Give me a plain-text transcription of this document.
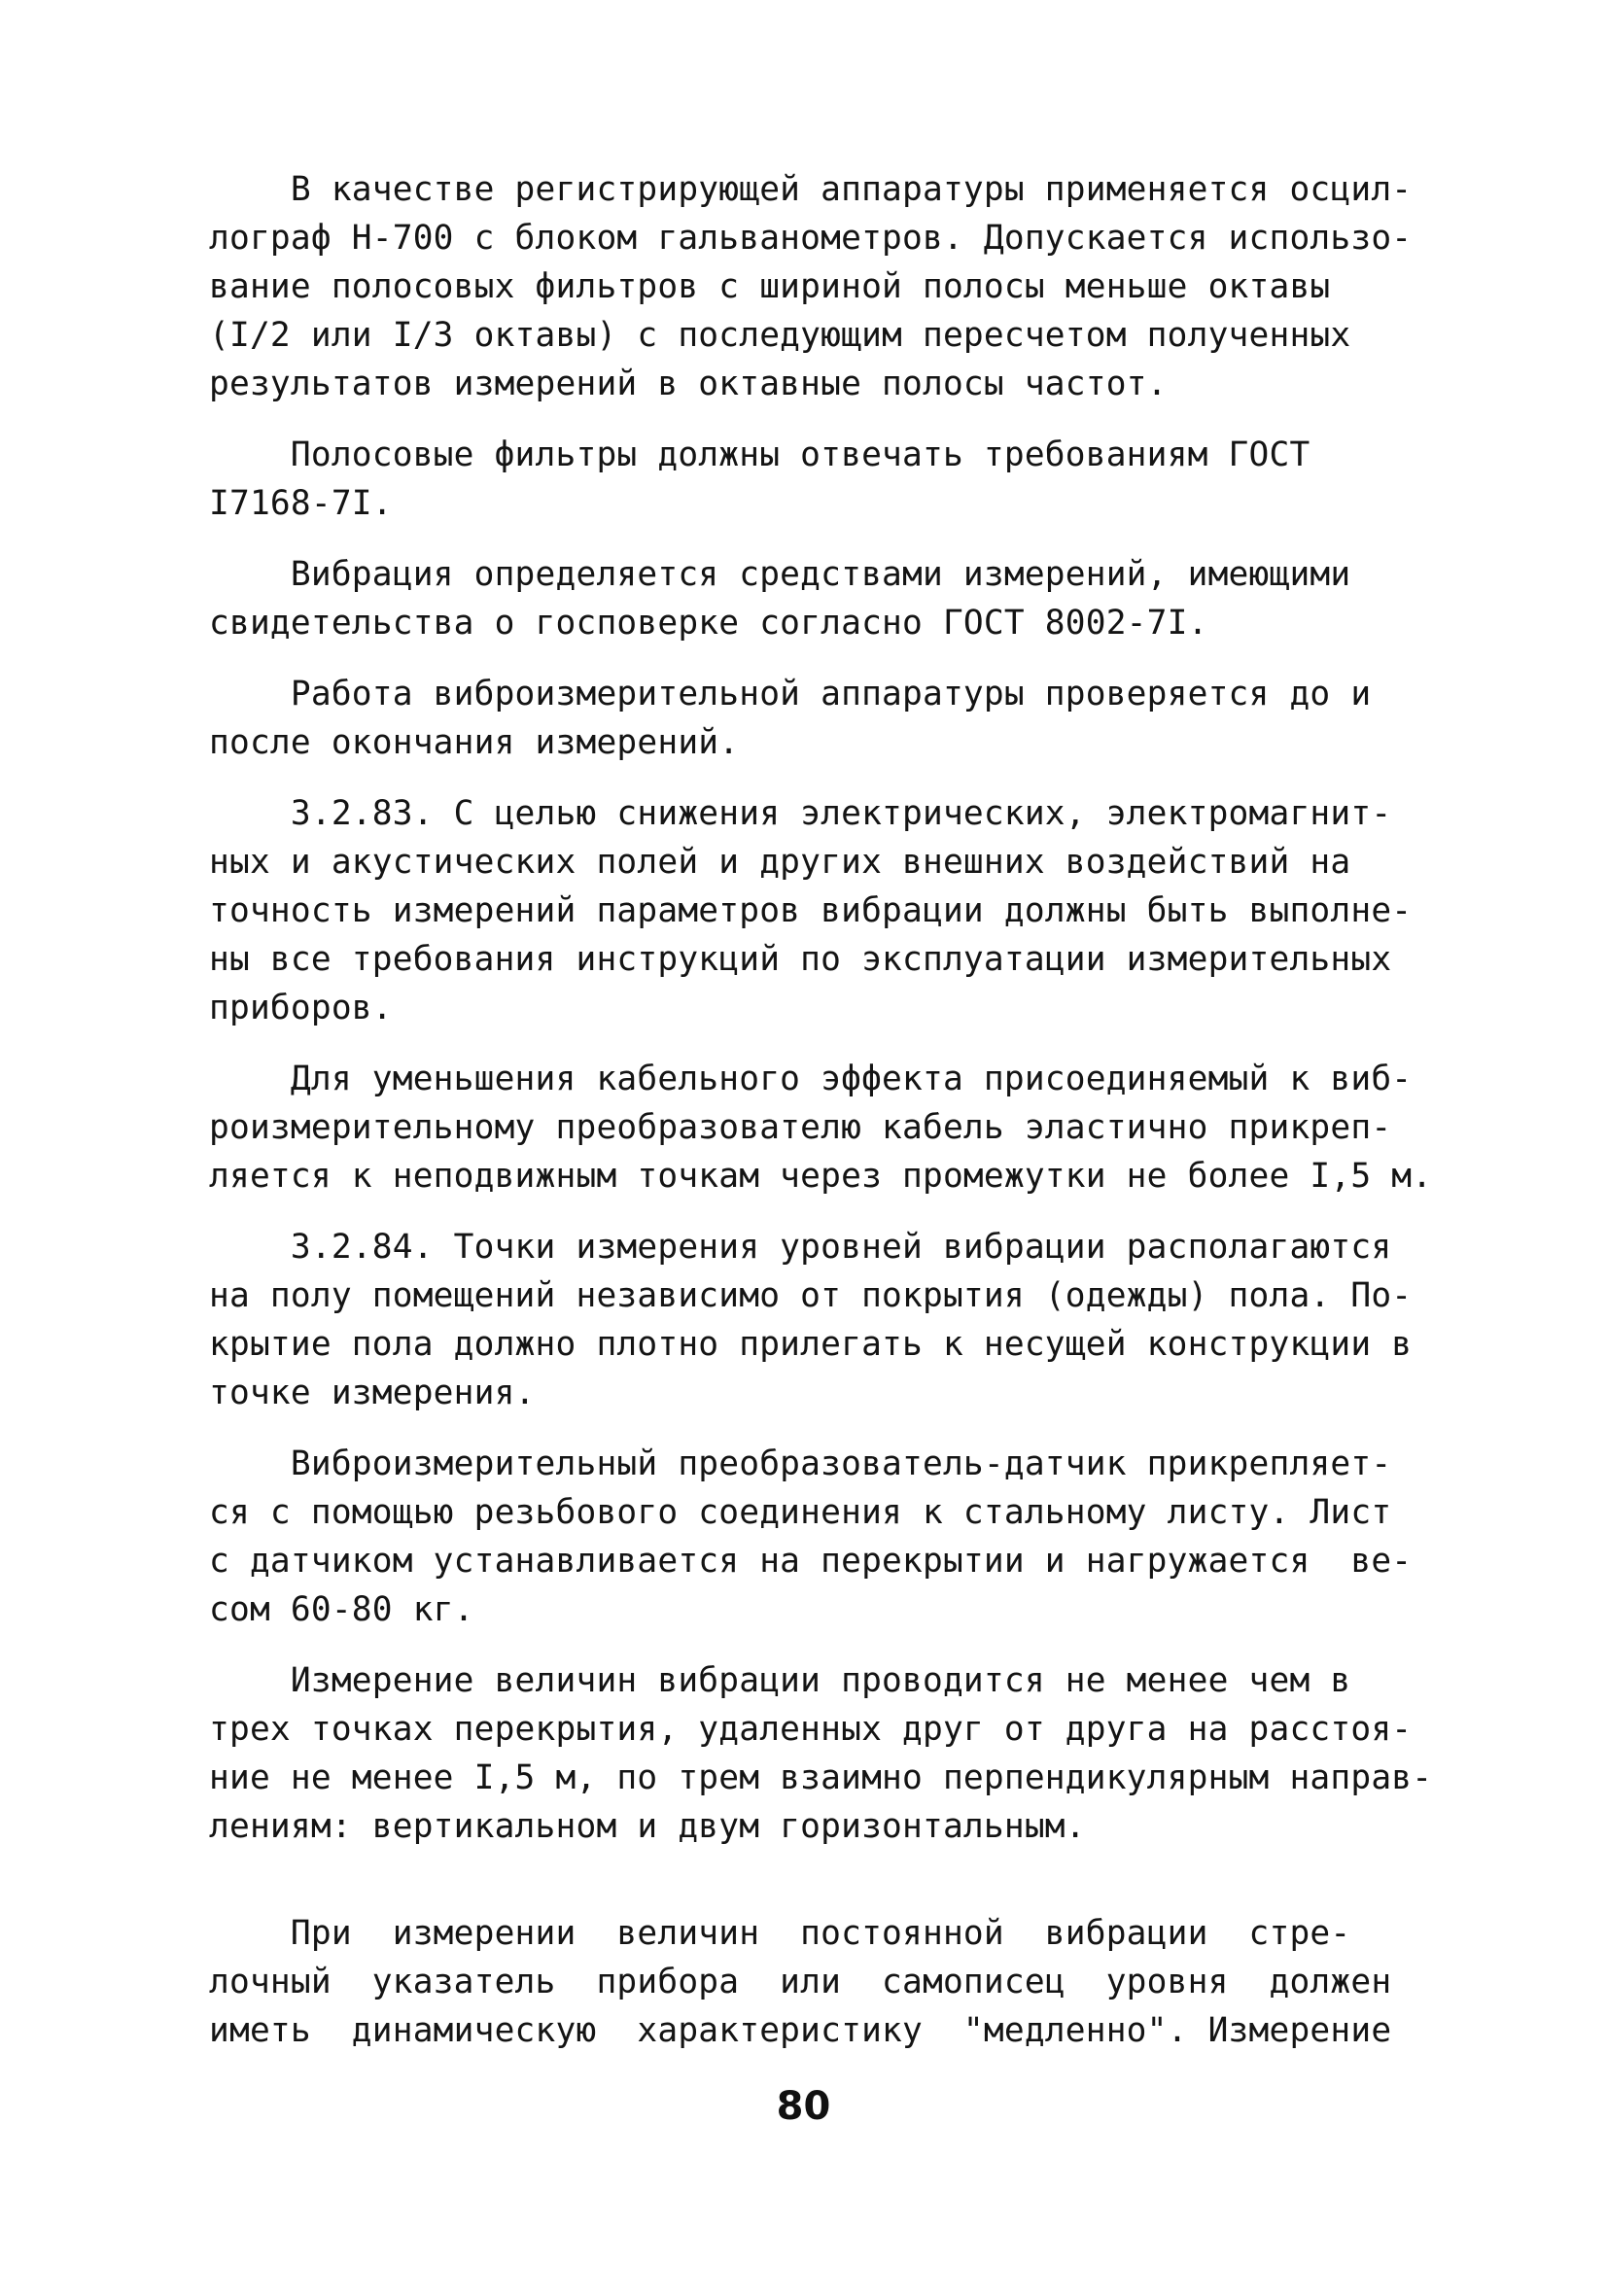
В качестве регистрирующей аппаратуры применяется осцил-
лограф Н-700 с блоком гальванометров. Допускается использо-
вание полосовых фильтров с шириной полосы меньше октавы
(I/2 или I/3 октавы) с последующим пересчетом полученных
результатов измерений в октавные полосы частот.

Полосовые фильтры должны отвечать требованиям ГОСТ
I7168-7I.

Вибрация определяется средствами измерений, имеющими
свидетельства о госповерке согласно ГОСТ 8002-7I.

Работа виброизмерительной аппаратуры проверяется до и
после окончания измерений.

3.2.83. С целью снижения электрических, электромагнит-
ных и акустических полей и других внешних воздействий на
точность измерений параметров вибрации должны быть выполне-
ны все требования инструкций по эксплуатации измерительных
приборов.

Для уменьшения кабельного эффекта присоединяемый к виб-
роизмерительному преобразователю кабель эластично прикреп-
ляется к неподвижным точкам через промежутки не более I,5 м.

3.2.84. Точки измерения уровней вибрации располагаются
на полу помещений независимо от покрытия (одежды) пола. По-
крытие пола должно плотно прилегать к несущей конструкции в
точке измерения.

Виброизмерительный преобразователь-датчик прикрепляет-
ся с помощью резьбового соединения к стальному листу. Лист
с датчиком устанавливается на перекрытии и нагружается  ве-
сом 60-80 кг.

Измерение величин вибрации проводится не менее чем в
трех точках перекрытия, удаленных друг от друга на расстоя-
ние не менее I,5 м, по трем взаимно перпендикулярным направ-
лениям: вертикальном и двум горизонтальным.

При  измерении  величин  постоянной  вибрации  стре-
лочный  указатель  прибора  или  самописец  уровня  должен
иметь  динамическую  характеристику  "медленно". Измерение

80
